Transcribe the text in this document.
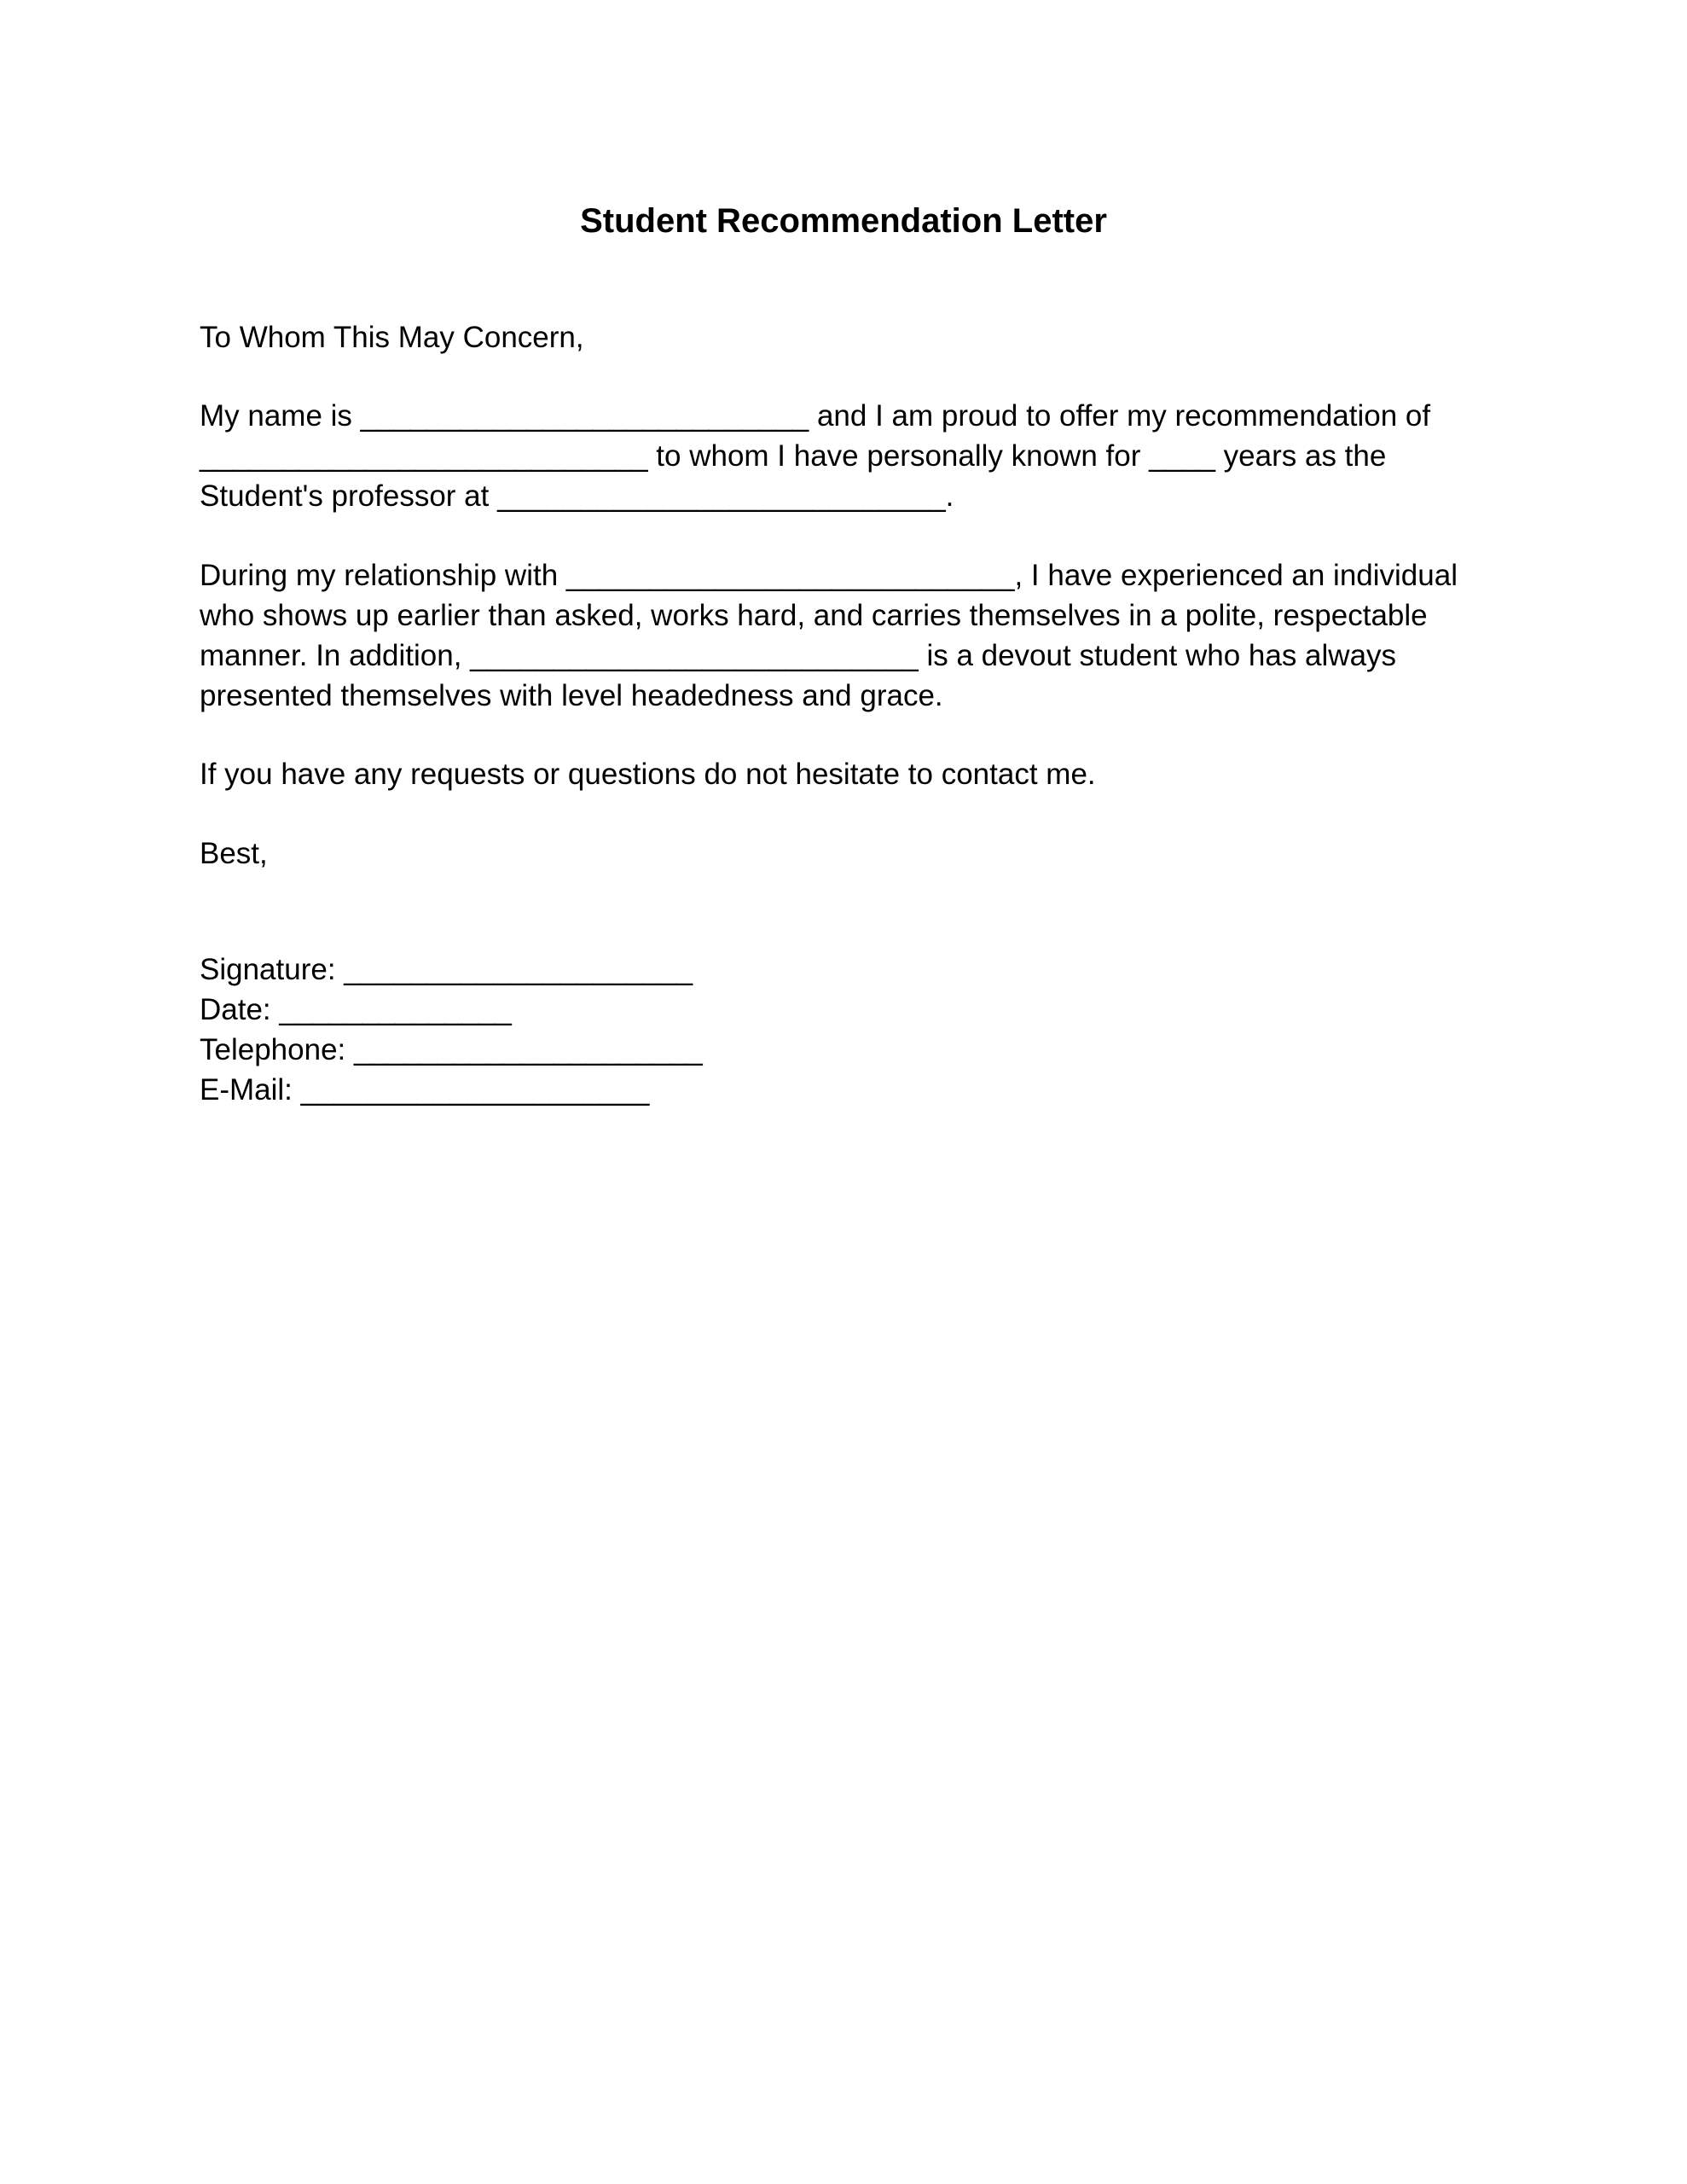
Student Recommendation Letter
To Whom This May Concern,
My name is ___________________________ and I am proud to offer my recommendation of
___________________________ to whom I have personally known for ____ years as the
Student's professor at ___________________________.
During my relationship with ___________________________, I have experienced an individual
who shows up earlier than asked, works hard, and carries themselves in a polite, respectable
manner. In addition, ___________________________ is a devout student who has always
presented themselves with level headedness and grace.
If you have any requests or questions do not hesitate to contact me.
Best,
Signature: _____________________
Date: ______________
Telephone: _____________________
E-Mail: _____________________
